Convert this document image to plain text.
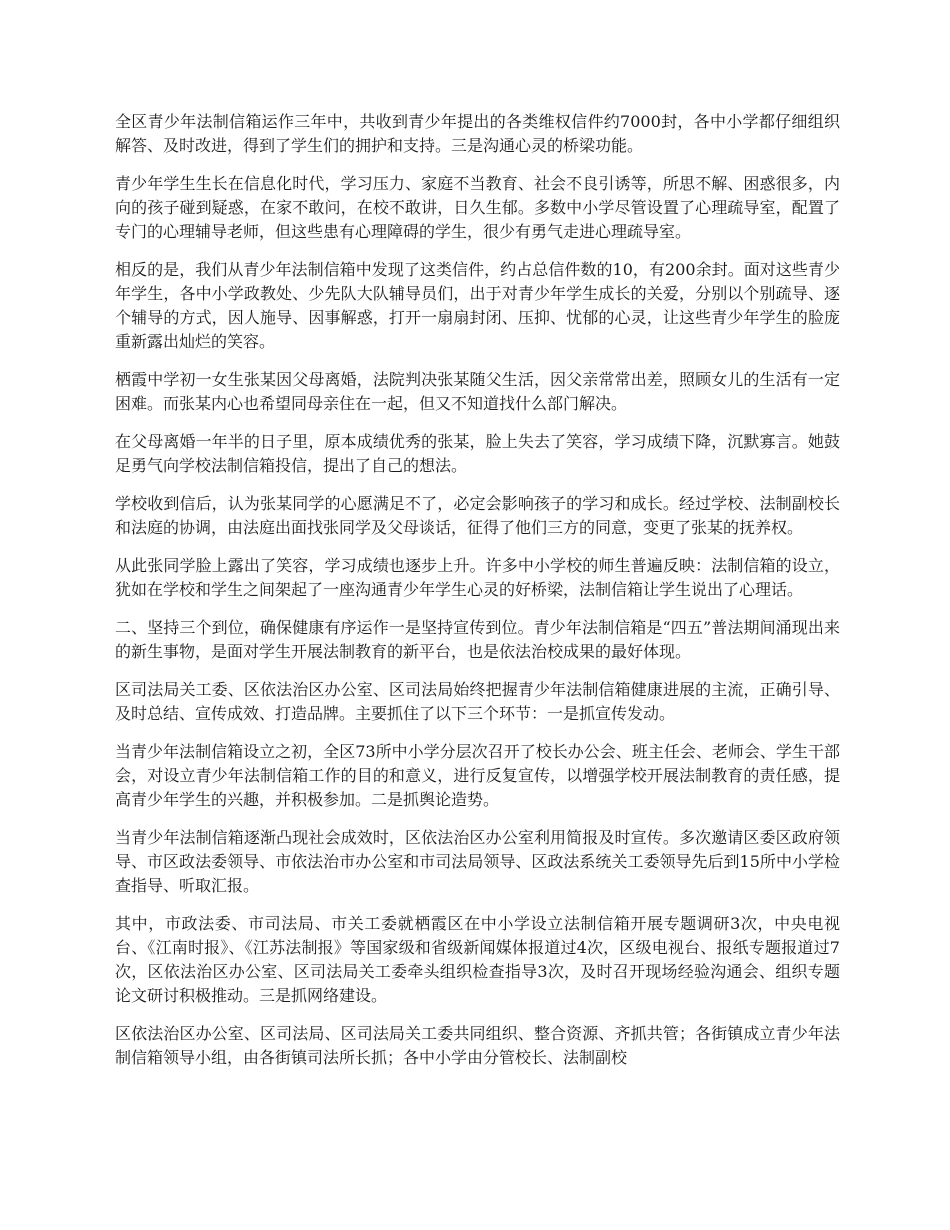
全区青少年法制信箱运作三年中，共收到青少年提出的各类维权信件约7000封，各中小学都仔细组织解答、及时改进，得到了学生们的拥护和支持。三是沟通心灵的桥梁功能。

青少年学生生长在信息化时代，学习压力、家庭不当教育、社会不良引诱等，所思不解、困惑很多，内向的孩子碰到疑惑，在家不敢问，在校不敢讲，日久生郁。多数中小学尽管设置了心理疏导室，配置了专门的心理辅导老师，但这些患有心理障碍的学生，很少有勇气走进心理疏导室。

相反的是，我们从青少年法制信箱中发现了这类信件，约占总信件数的10，有200余封。面对这些青少年学生，各中小学政教处、少先队大队辅导员们，出于对青少年学生成长的关爱，分别以个别疏导、逐个辅导的方式，因人施导、因事解惑，打开一扇扇封闭、压抑、忧郁的心灵，让这些青少年学生的脸庞重新露出灿烂的笑容。

栖霞中学初一女生张某因父母离婚，法院判决张某随父生活，因父亲常常出差，照顾女儿的生活有一定困难。而张某内心也希望同母亲住在一起，但又不知道找什么部门解决。

在父母离婚一年半的日子里，原本成绩优秀的张某，脸上失去了笑容，学习成绩下降，沉默寡言。她鼓足勇气向学校法制信箱投信，提出了自己的想法。

学校收到信后，认为张某同学的心愿满足不了，必定会影响孩子的学习和成长。经过学校、法制副校长和法庭的协调，由法庭出面找张同学及父母谈话，征得了他们三方的同意，变更了张某的抚养权。

从此张同学脸上露出了笑容，学习成绩也逐步上升。许多中小学校的师生普遍反映：法制信箱的设立，犹如在学校和学生之间架起了一座沟通青少年学生心灵的好桥梁，法制信箱让学生说出了心理话。

二、坚持三个到位，确保健康有序运作一是坚持宣传到位。青少年法制信箱是“四五”普法期间涌现出来的新生事物，是面对学生开展法制教育的新平台，也是依法治校成果的最好体现。

区司法局关工委、区依法治区办公室、区司法局始终把握青少年法制信箱健康进展的主流，正确引导、及时总结、宣传成效、打造品牌。主要抓住了以下三个环节：一是抓宣传发动。

当青少年法制信箱设立之初，全区73所中小学分层次召开了校长办公会、班主任会、老师会、学生干部会，对设立青少年法制信箱工作的目的和意义，进行反复宣传，以增强学校开展法制教育的责任感，提高青少年学生的兴趣，并积极参加。二是抓舆论造势。

当青少年法制信箱逐渐凸现社会成效时，区依法治区办公室利用简报及时宣传。多次邀请区委区政府领导、市区政法委领导、市依法治市办公室和市司法局领导、区政法系统关工委领导先后到15所中小学检查指导、听取汇报。

其中，市政法委、市司法局、市关工委就栖霞区在中小学设立法制信箱开展专题调研3次，中央电视台、《江南时报》、《江苏法制报》等国家级和省级新闻媒体报道过4次，区级电视台、报纸专题报道过7次，区依法治区办公室、区司法局关工委牵头组织检查指导3次，及时召开现场经验沟通会、组织专题论文研讨积极推动。三是抓网络建设。

区依法治区办公室、区司法局、区司法局关工委共同组织、整合资源、齐抓共管；各街镇成立青少年法制信箱领导小组，由各街镇司法所长抓；各中小学由分管校长、法制副校
